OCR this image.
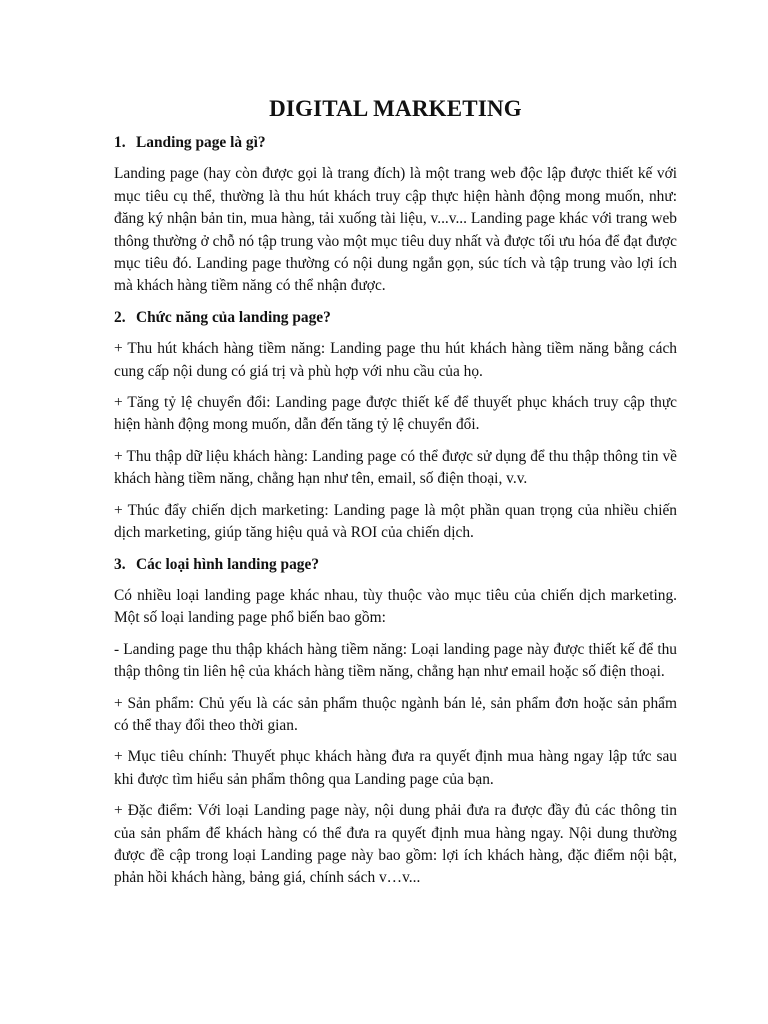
DIGITAL MARKETING
1. Landing page là gì?

Landing page (hay còn được gọi là trang đích) là một trang web độc lập được thiết kế với mục tiêu cụ thể, thường là thu hút khách truy cập thực hiện hành động mong muốn, như: đăng ký nhận bản tin, mua hàng, tải xuống tài liệu, v...v... Landing page khác với trang web thông thường ở chỗ nó tập trung vào một mục tiêu duy nhất và được tối ưu hóa để đạt được mục tiêu đó. Landing page thường có nội dung ngắn gọn, súc tích và tập trung vào lợi ích mà khách hàng tiềm năng có thể nhận được.

2. Chức năng của landing page?

+ Thu hút khách hàng tiềm năng: Landing page thu hút khách hàng tiềm năng bằng cách cung cấp nội dung có giá trị và phù hợp với nhu cầu của họ.

+ Tăng tỷ lệ chuyển đổi: Landing page được thiết kế để thuyết phục khách truy cập thực hiện hành động mong muốn, dẫn đến tăng tỷ lệ chuyển đổi.

+ Thu thập dữ liệu khách hàng: Landing page có thể được sử dụng để thu thập thông tin về khách hàng tiềm năng, chẳng hạn như tên, email, số điện thoại, v.v.

+ Thúc đẩy chiến dịch marketing: Landing page là một phần quan trọng của nhiều chiến dịch marketing, giúp tăng hiệu quả và ROI của chiến dịch.

3. Các loại hình landing page?

Có nhiều loại landing page khác nhau, tùy thuộc vào mục tiêu của chiến dịch marketing. Một số loại landing page phổ biến bao gồm:

- Landing page thu thập khách hàng tiềm năng: Loại landing page này được thiết kế để thu thập thông tin liên hệ của khách hàng tiềm năng, chẳng hạn như email hoặc số điện thoại.

+ Sản phẩm: Chủ yếu là các sản phẩm thuộc ngành bán lẻ, sản phẩm đơn hoặc sản phẩm có thể thay đổi theo thời gian.

+ Mục tiêu chính: Thuyết phục khách hàng đưa ra quyết định mua hàng ngay lập tức sau khi được tìm hiểu sản phẩm thông qua Landing page của bạn.

+ Đặc điểm: Với loại Landing page này, nội dung phải đưa ra được đầy đủ các thông tin của sản phẩm để khách hàng có thể đưa ra quyết định mua hàng ngay. Nội dung thường được đề cập trong loại Landing page này bao gồm: lợi ích khách hàng, đặc điểm nội bật, phản hồi khách hàng, bảng giá, chính sách v…v...
